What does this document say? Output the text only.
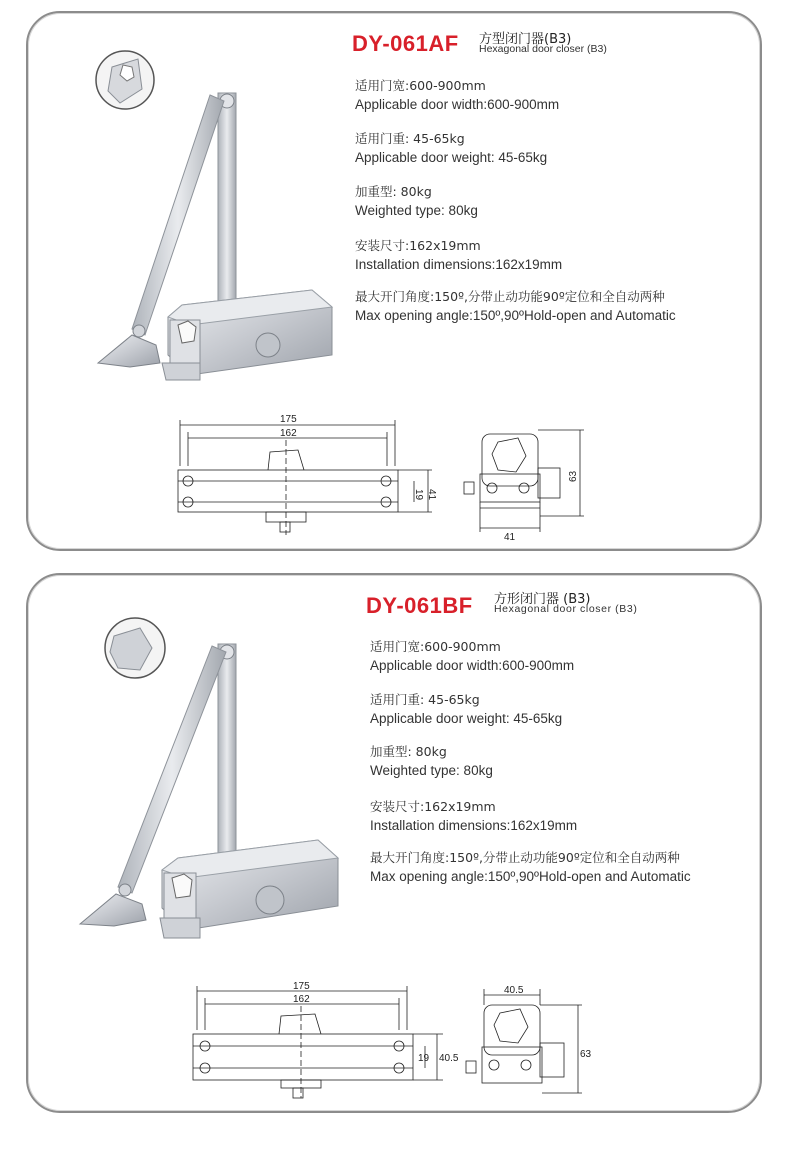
DY-061AF 方型闭门器(B3)
Hexagonal door closer (B3)
适用门宽:600-900mm
Applicable door width:600-900mm
适用门重: 45-65kg
Applicable door weight: 45-65kg
加重型: 80kg
Weighted type: 80kg
安装尺寸:162x19mm
Installation dimensions:162x19mm
最大开门角度:150º,分带止动功能90º定位和全自动两种
Max opening angle:150º,90ºHold-open and Automatic
175
162
19 41
41
63
DY-061BF 方形闭门器 (B3)
Hexagonal door closer (B3)
适用门宽:600-900mm
Applicable door width:600-900mm
适用门重: 45-65kg
Applicable door weight: 45-65kg
加重型: 80kg
Weighted type: 80kg
安装尺寸:162x19mm
Installation dimensions:162x19mm
最大开门角度:150º,分带止动功能90º定位和全自动两种
Max opening angle:150º,90ºHold-open and Automatic
175
162
19 40.5
40.5
63
